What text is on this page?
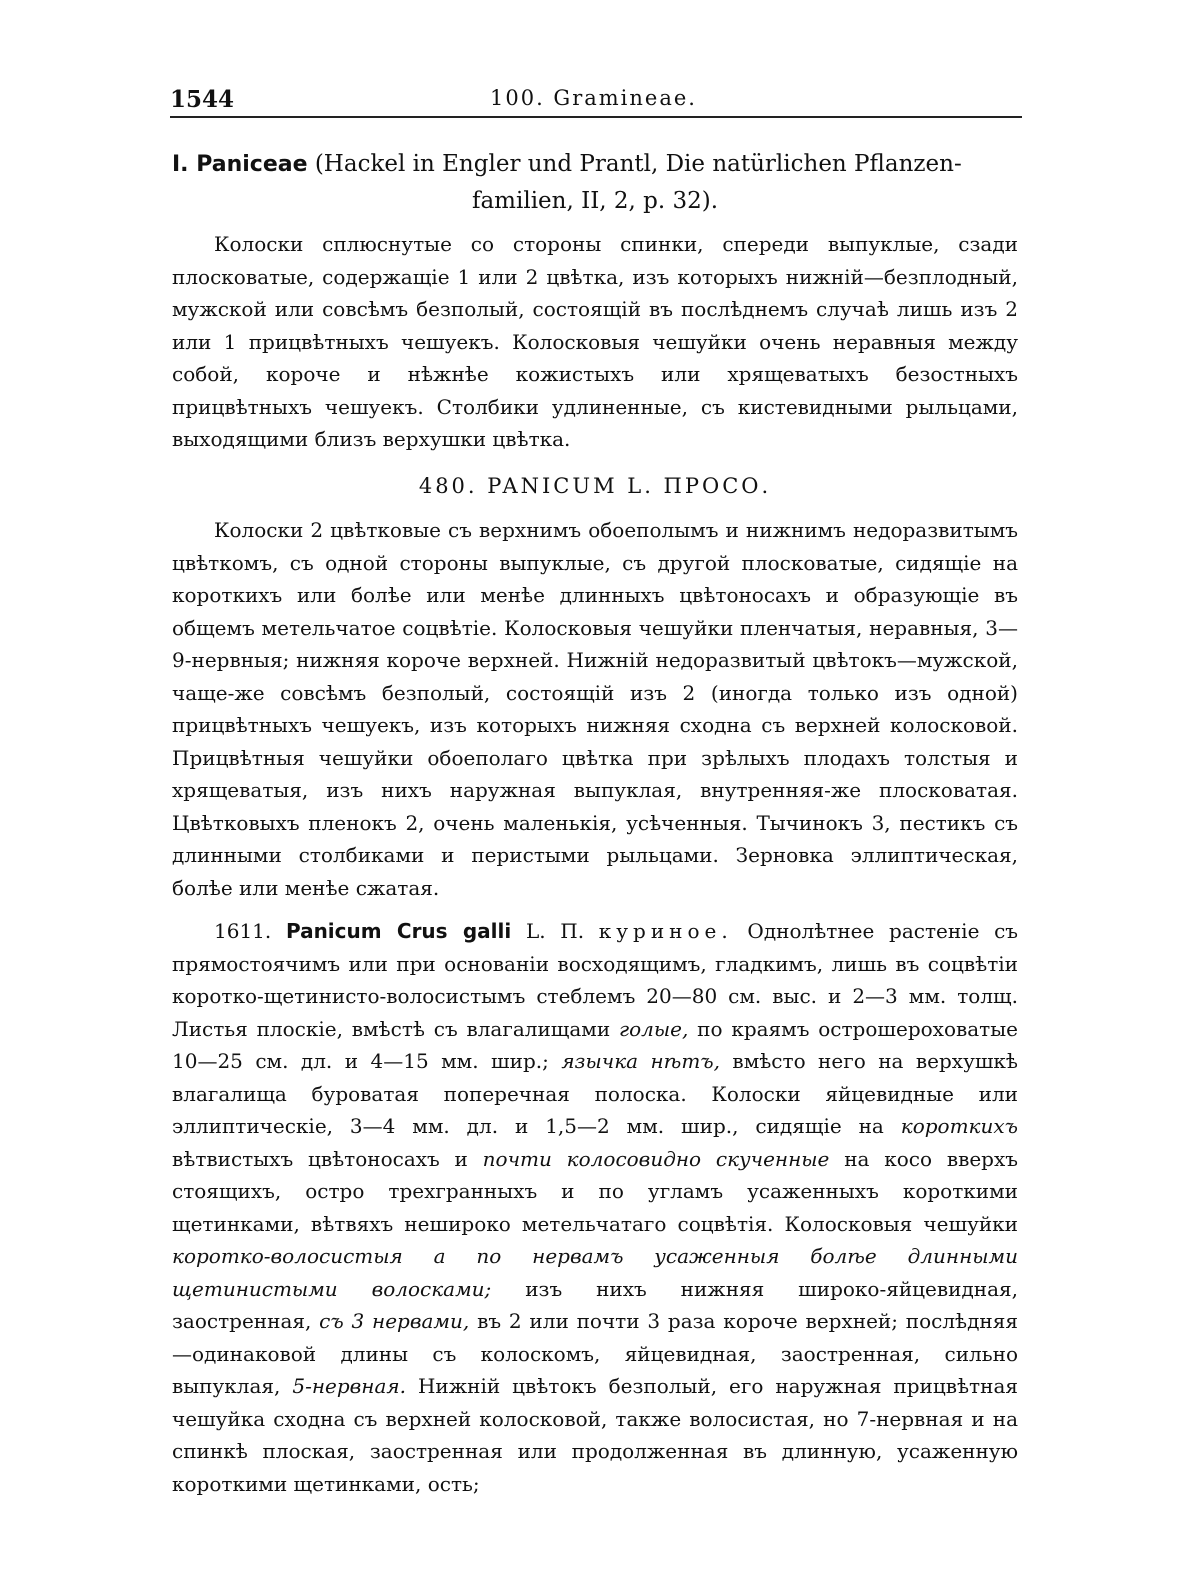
1544	100. Gramineae.
I. Paniceae (Hackel in Engler und Prantl, Die natürlichen Pflanzen-
familien, II, 2, p. 32).
Колоски сплюснутые со стороны спинки, спереди выпуклые, сзади плосковатые, содержащіе 1 или 2 цвѣтка, изъ которыхъ нижній—безплодный, мужской или совсѣмъ безполый, состоящій въ послѣднемъ случаѣ лишь изъ 2 или 1 прицвѣтныхъ чешуекъ. Колосковыя чешуйки очень неравныя между собой, короче и нѣжнѣе кожистыхъ или хрящеватыхъ безостныхъ прицвѣтныхъ чешуекъ. Столбики удлиненные, съ кистевидными рыльцами, выходящими близъ верхушки цвѣтка.
480. PANICUM L. ПРОСО.
Колоски 2 цвѣтковые съ верхнимъ обоеполымъ и нижнимъ недоразвитымъ цвѣткомъ, съ одной стороны выпуклые, съ другой плосковатые, сидящіе на короткихъ или болѣе или менѣе длинныхъ цвѣтоносахъ и образующіе въ общемъ метельчатое соцвѣтіе. Колосковыя чешуйки пленчатыя, неравныя, 3—9-нервныя; нижняя короче верхней. Нижній недоразвитый цвѣтокъ—мужской, чаще-же совсѣмъ безполый, состоящій изъ 2 (иногда только изъ одной) прицвѣтныхъ чешуекъ, изъ которыхъ нижняя сходна съ верхней колосковой. Прицвѣтныя чешуйки обоеполаго цвѣтка при зрѣлыхъ плодахъ толстыя и хрящеватыя, изъ нихъ наружная выпуклая, внутренняя-же плосковатая. Цвѣтковыхъ пленокъ 2, очень маленькія, усѣченныя. Тычинокъ 3, пестикъ съ длинными столбиками и перистыми рыльцами. Зерновка эллиптическая, болѣе или менѣе сжатая.
1611. Panicum Crus galli L. П. куриное. Однолѣтнее растеніе съ прямостоячимъ или при основаніи восходящимъ, гладкимъ, лишь въ соцвѣтіи коротко-щетинисто-волосистымъ стеблемъ 20—80 см. выс. и 2—3 мм. толщ. Листья плоскіе, вмѣстѣ съ влагалищами голые, по краямъ острошероховатые 10—25 см. дл. и 4—15 мм. шир.; язычка нѣтъ, вмѣсто него на верхушкѣ влагалища буроватая поперечная полоска. Колоски яйцевидные или эллиптическіе, 3—4 мм. дл. и 1,5—2 мм. шир., сидящіе на короткихъ вѣтвистыхъ цвѣтоносахъ и почти колосовидно скученные на косо вверхъ стоящихъ, остро трехгранныхъ и по угламъ усаженныхъ короткими щетинками, вѣтвяхъ неширокo метельчатаго соцвѣтія. Колосковыя чешуйки коротко-волосистыя а по нервамъ усаженныя болѣе длинными щетинистыми волосками; изъ нихъ нижняя широко-яйцевидная, заостренная, съ 3 нервами, въ 2 или почти 3 раза короче верхней; послѣдняя—одинаковой длины съ колоскомъ, яйцевидная, заостренная, сильно выпуклая, 5-нервная. Нижній цвѣтокъ безполый, его наружная прицвѣтная чешуйка сходна съ верхней колосковой, также волосистая, но 7-нервная и на спинкѣ плоская, заостренная или продолженная въ длинную, усаженную короткими щетинками, ость;
